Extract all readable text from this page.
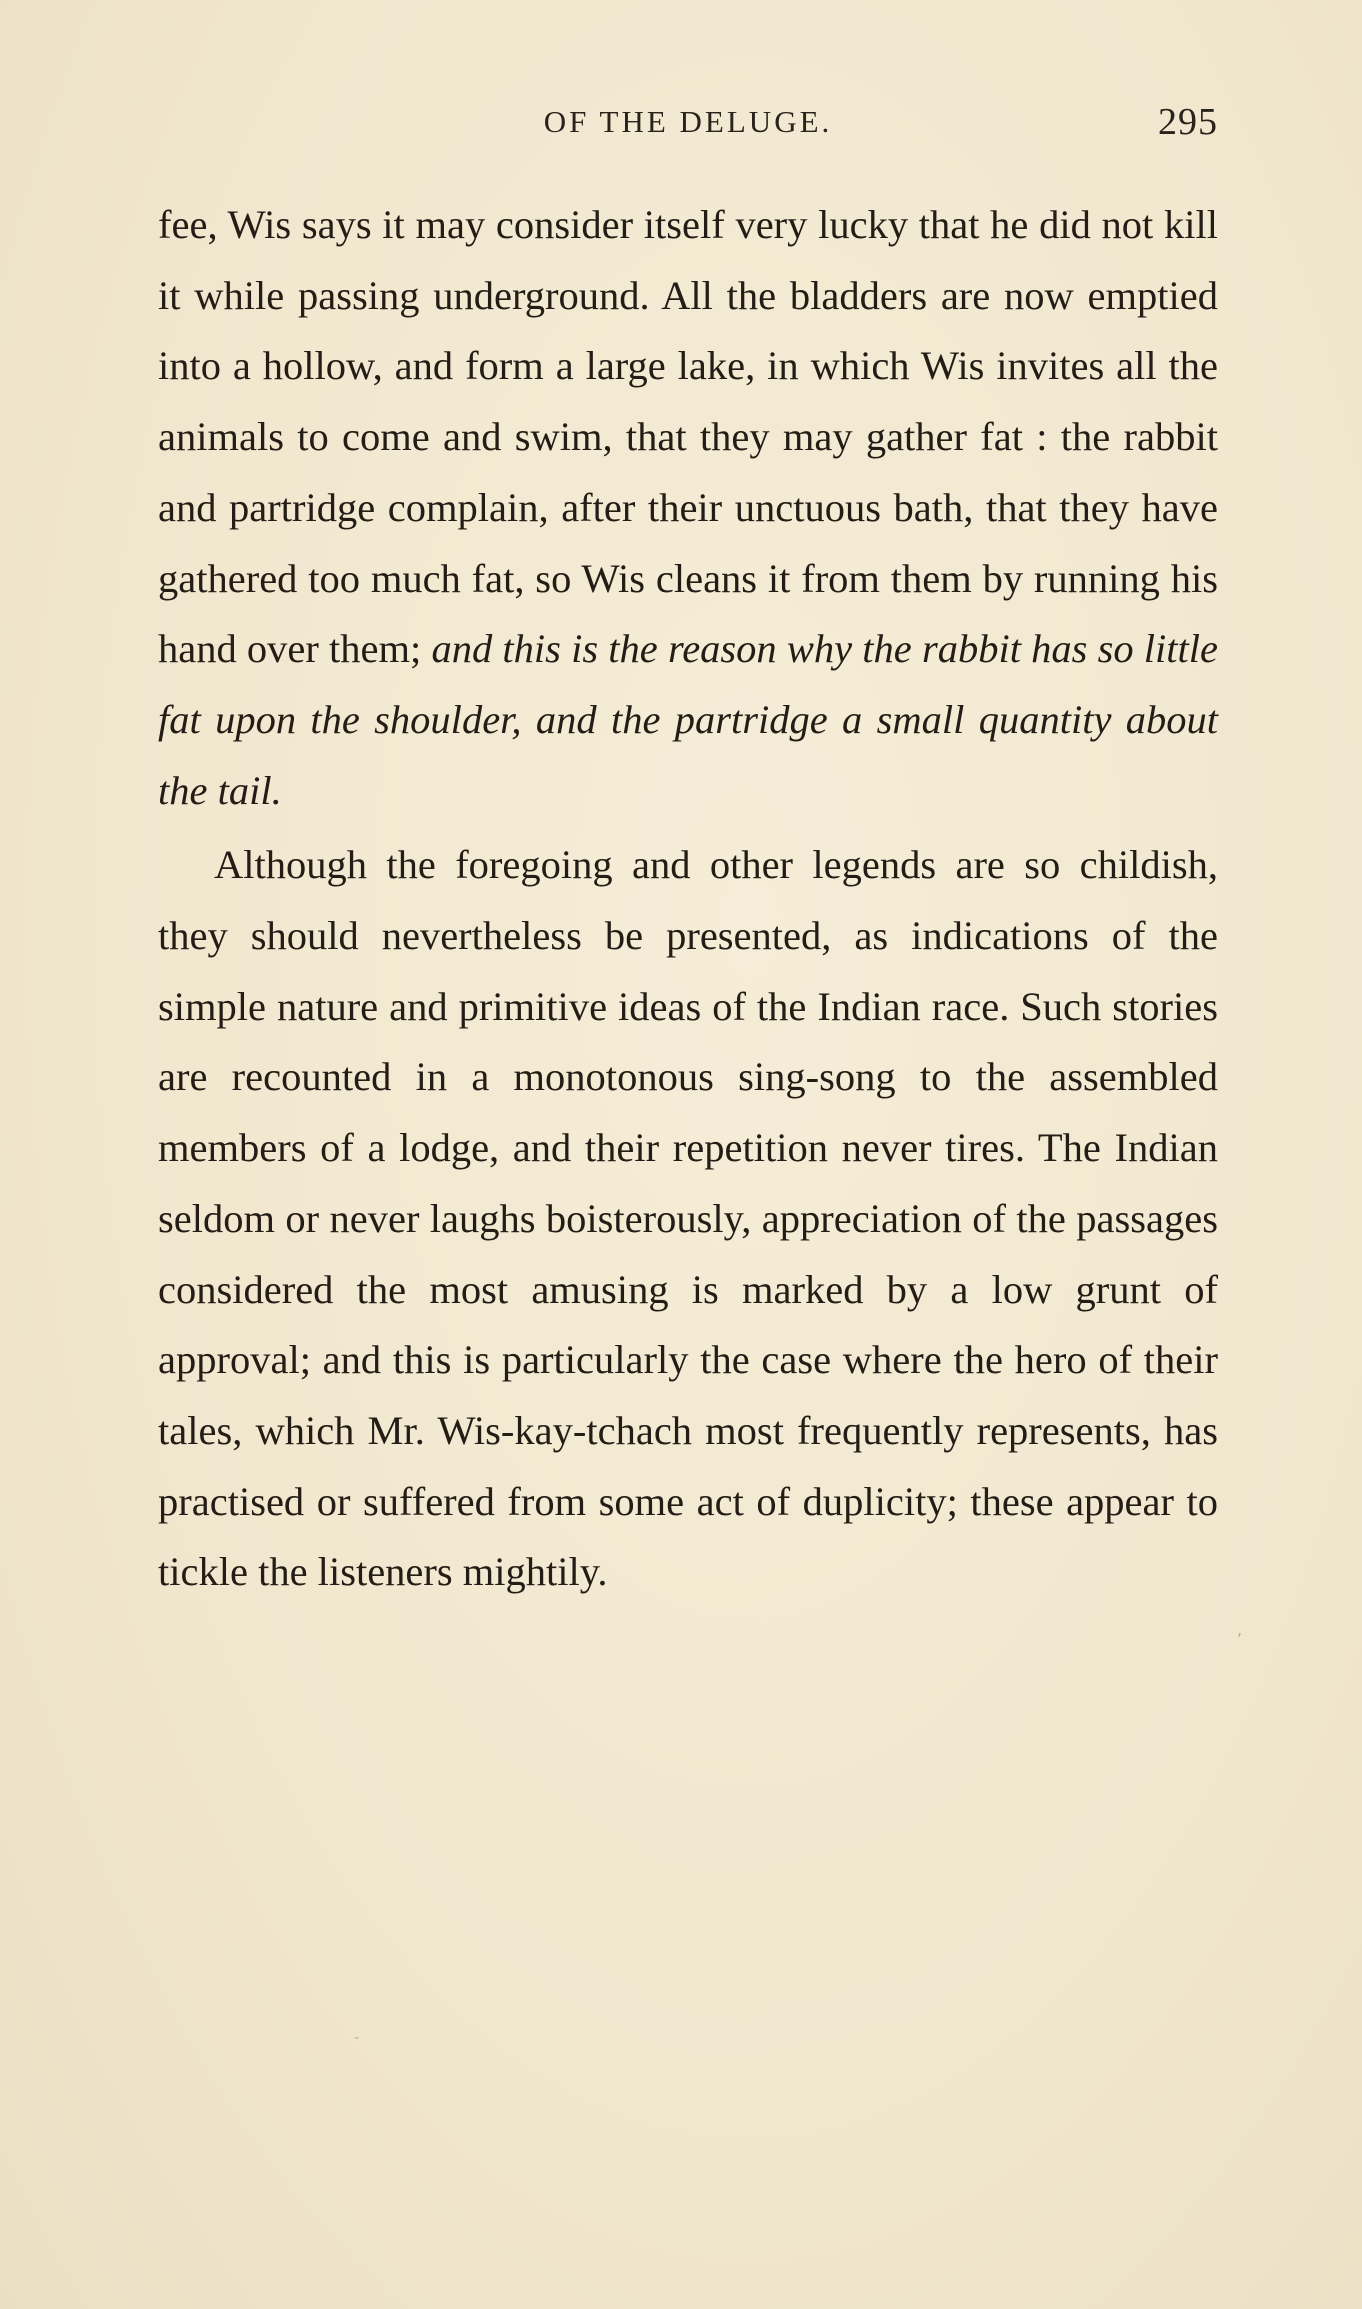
OF THE DELUGE.	295

fee, Wis says it may consider itself very lucky that he did not kill it while passing underground. All the bladders are now emptied into a hollow, and form a large lake, in which Wis invites all the animals to come and swim, that they may gather fat : the rabbit and partridge complain, after their unctuous bath, that they have gathered too much fat, so Wis cleans it from them by running his hand over them; and this is the reason why the rabbit has so little fat upon the shoulder, and the partridge a small quantity about the tail.

Although the foregoing and other legends are so childish, they should nevertheless be presented, as indications of the simple nature and primitive ideas of the Indian race. Such stories are recounted in a monotonous sing-song to the assembled members of a lodge, and their repetition never tires. The Indian seldom or never laughs boisterously, appreciation of the passages considered the most amusing is marked by a low grunt of approval; and this is particularly the case where the hero of their tales, which Mr. Wis-kay-tchach most frequently represents, has practised or suffered from some act of duplicity; these appear to tickle the listeners mightily.

,
-
